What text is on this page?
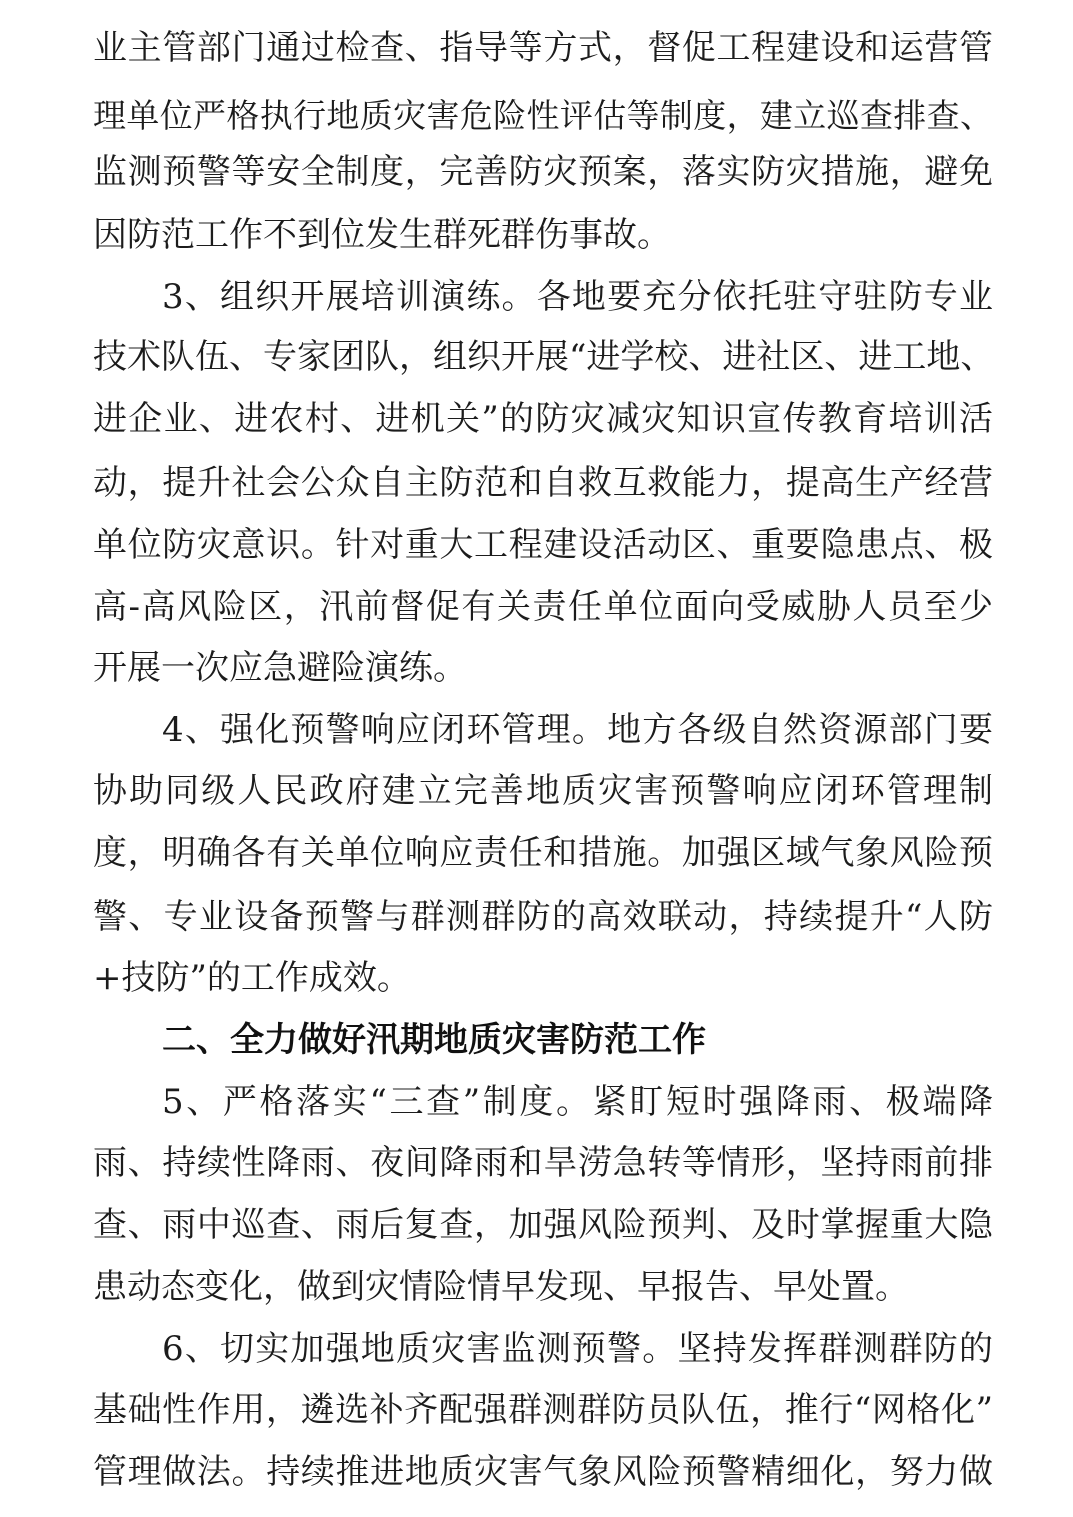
业主管部门通过检查、指导等方式，督促工程建设和运营管
理单位严格执行地质灾害危险性评估等制度，建立巡查排查、
监测预警等安全制度，完善防灾预案，落实防灾措施，避免
因防范工作不到位发生群死群伤事故。
3、组织开展培训演练。各地要充分依托驻守驻防专业
技术队伍、专家团队，组织开展“进学校、进社区、进工地、
进企业、进农村、进机关”的防灾减灾知识宣传教育培训活
动，提升社会公众自主防范和自救互救能力，提高生产经营
单位防灾意识。针对重大工程建设活动区、重要隐患点、极
高-高风险区，汛前督促有关责任单位面向受威胁人员至少
开展一次应急避险演练。
4、强化预警响应闭环管理。地方各级自然资源部门要
协助同级人民政府建立完善地质灾害预警响应闭环管理制
度，明确各有关单位响应责任和措施。加强区域气象风险预
警、专业设备预警与群测群防的高效联动，持续提升“人防
+技防”的工作成效。
二、全力做好汛期地质灾害防范工作
5、严格落实“三查”制度。紧盯短时强降雨、极端降
雨、持续性降雨、夜间降雨和旱涝急转等情形，坚持雨前排
查、雨中巡查、雨后复查，加强风险预判、及时掌握重大隐
患动态变化，做到灾情险情早发现、早报告、早处置。
6、切实加强地质灾害监测预警。坚持发挥群测群防的
基础性作用，遴选补齐配强群测群防员队伍，推行“网格化”
管理做法。持续推进地质灾害气象风险预警精细化，努力做
